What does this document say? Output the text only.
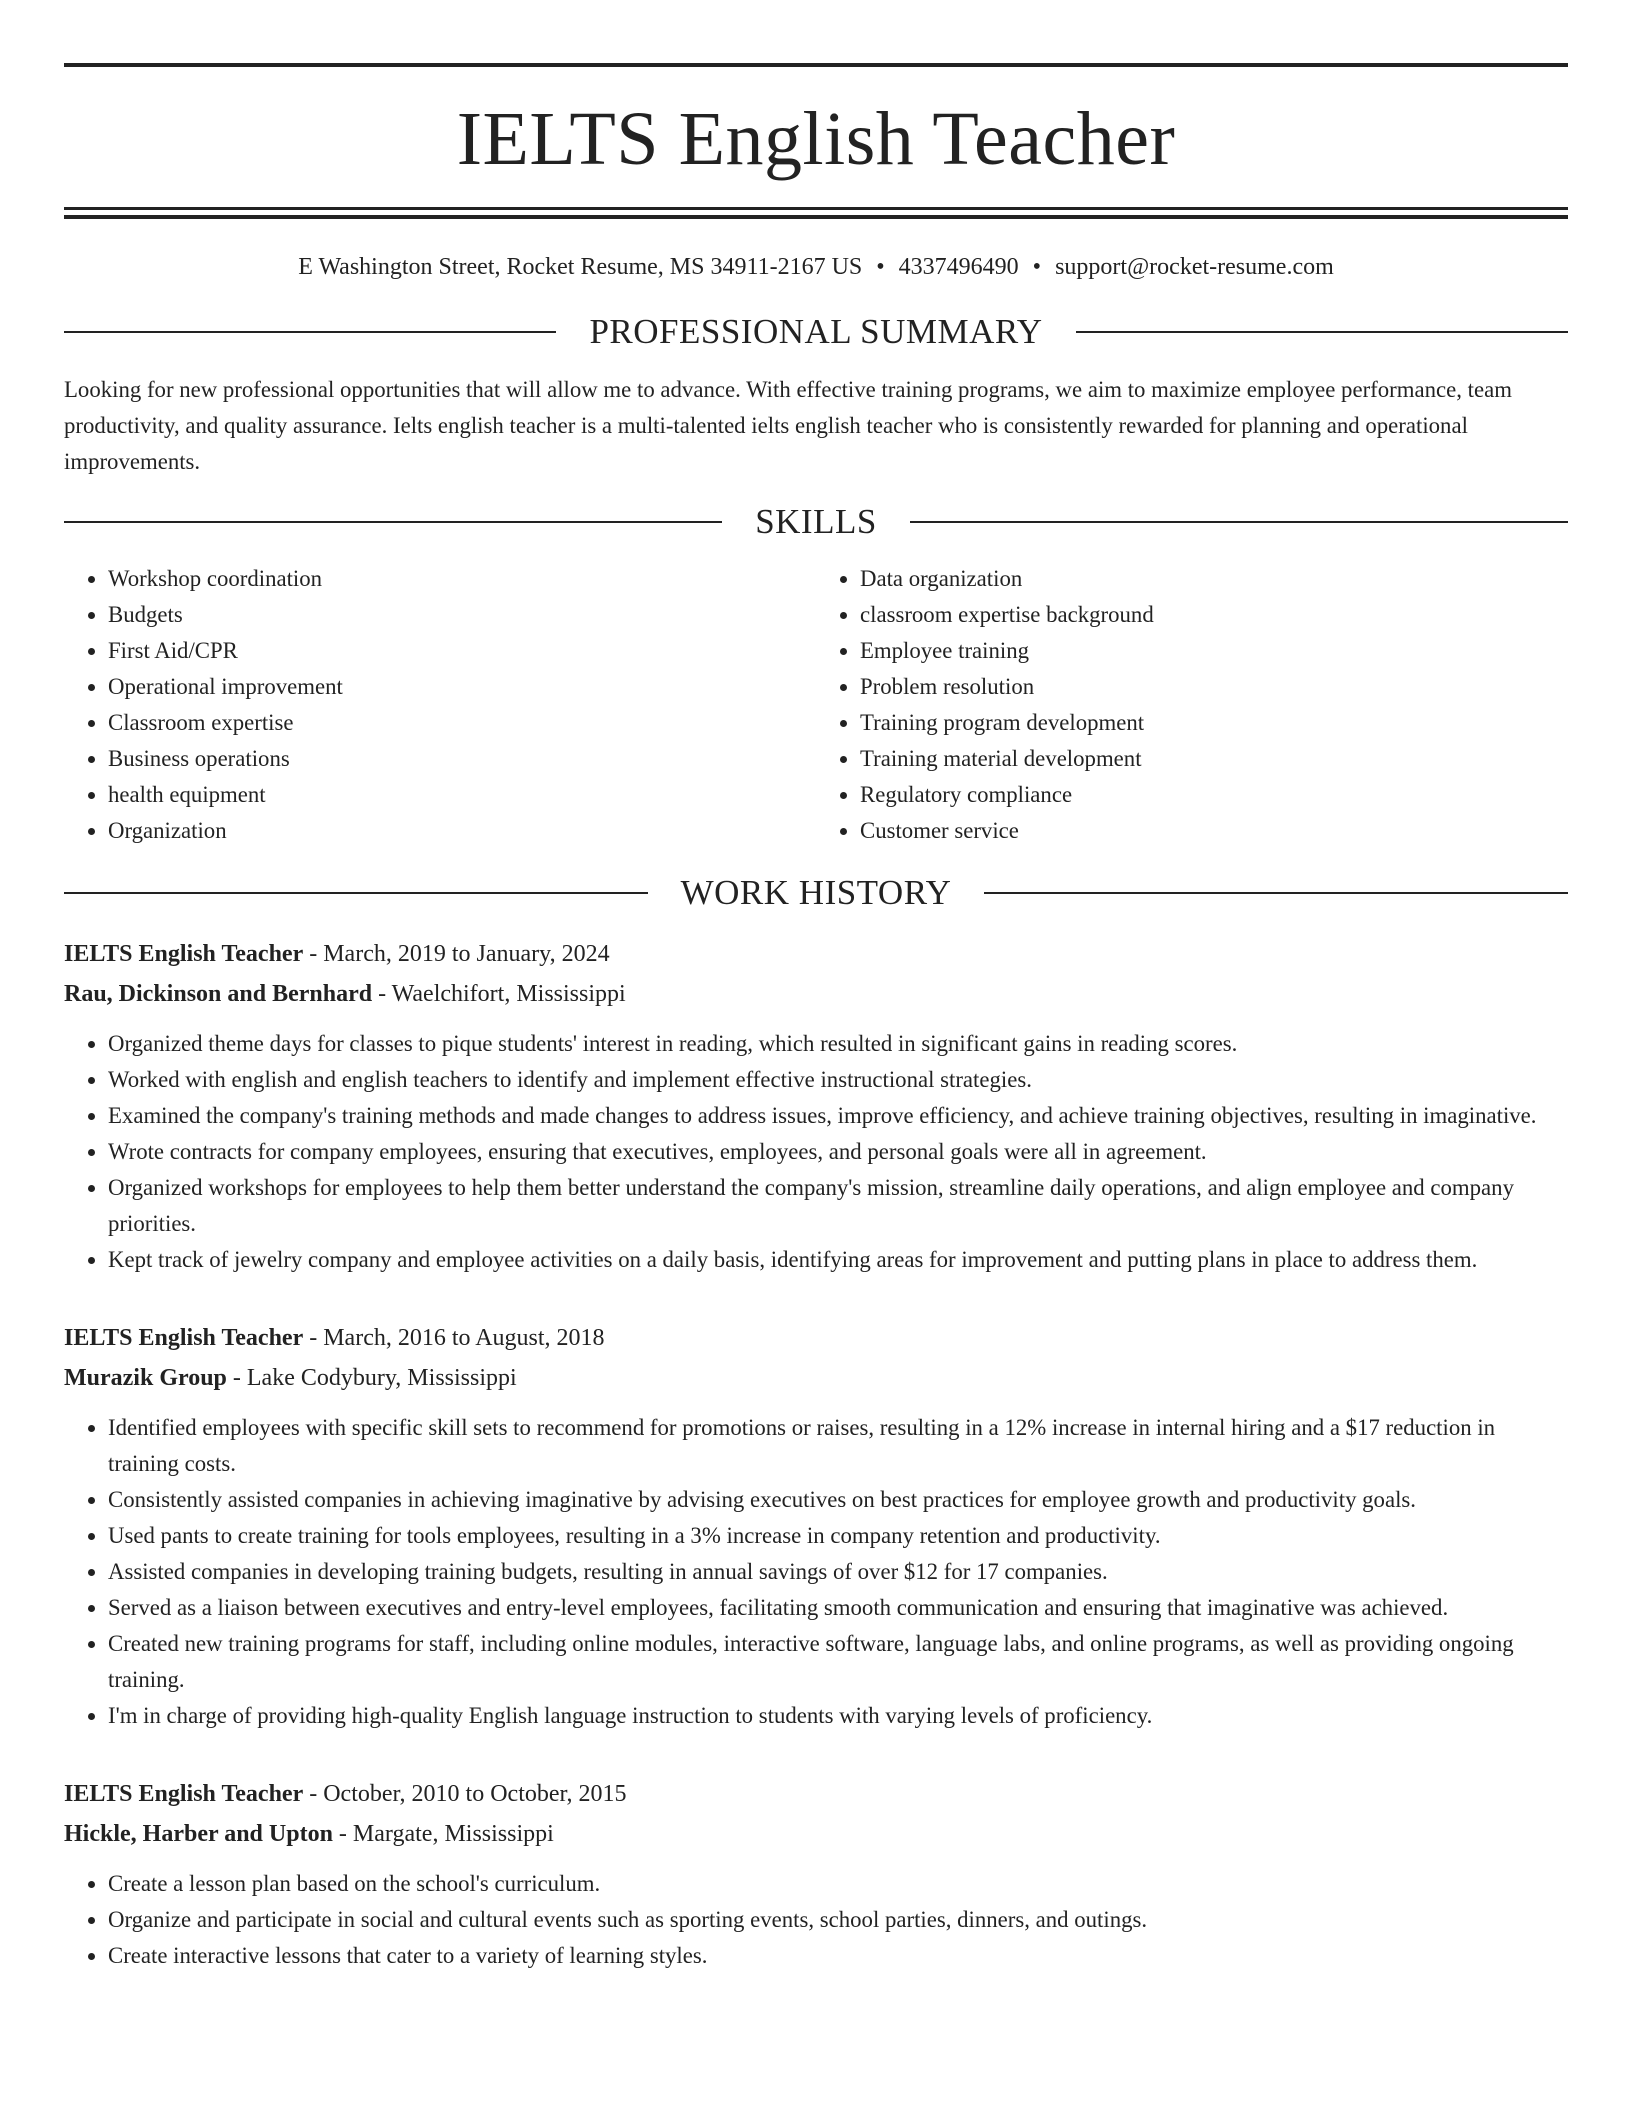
IELTS English Teacher
E Washington Street, Rocket Resume, MS 34911-2167 US • 4337496490 • support@rocket-resume.com
PROFESSIONAL SUMMARY
Looking for new professional opportunities that will allow me to advance. With effective training programs, we aim to maximize employee performance, team productivity, and quality assurance. Ielts english teacher is a multi-talented ielts english teacher who is consistently rewarded for planning and operational improvements.
SKILLS
• Workshop coordination
• Budgets
• First Aid/CPR
• Operational improvement
• Classroom expertise
• Business operations
• health equipment
• Organization
• Data organization
• classroom expertise background
• Employee training
• Problem resolution
• Training program development
• Training material development
• Regulatory compliance
• Customer service
WORK HISTORY
IELTS English Teacher - March, 2019 to January, 2024
Rau, Dickinson and Bernhard - Waelchifort, Mississippi
• Organized theme days for classes to pique students' interest in reading, which resulted in significant gains in reading scores.
• Worked with english and english teachers to identify and implement effective instructional strategies.
• Examined the company's training methods and made changes to address issues, improve efficiency, and achieve training objectives, resulting in imaginative.
• Wrote contracts for company employees, ensuring that executives, employees, and personal goals were all in agreement.
• Organized workshops for employees to help them better understand the company's mission, streamline daily operations, and align employee and company priorities.
• Kept track of jewelry company and employee activities on a daily basis, identifying areas for improvement and putting plans in place to address them.
IELTS English Teacher - March, 2016 to August, 2018
Murazik Group - Lake Codybury, Mississippi
• Identified employees with specific skill sets to recommend for promotions or raises, resulting in a 12% increase in internal hiring and a $17 reduction in training costs.
• Consistently assisted companies in achieving imaginative by advising executives on best practices for employee growth and productivity goals.
• Used pants to create training for tools employees, resulting in a 3% increase in company retention and productivity.
• Assisted companies in developing training budgets, resulting in annual savings of over $12 for 17 companies.
• Served as a liaison between executives and entry-level employees, facilitating smooth communication and ensuring that imaginative was achieved.
• Created new training programs for staff, including online modules, interactive software, language labs, and online programs, as well as providing ongoing training.
• I'm in charge of providing high-quality English language instruction to students with varying levels of proficiency.
IELTS English Teacher - October, 2010 to October, 2015
Hickle, Harber and Upton - Margate, Mississippi
• Create a lesson plan based on the school's curriculum.
• Organize and participate in social and cultural events such as sporting events, school parties, dinners, and outings.
• Create interactive lessons that cater to a variety of learning styles.
